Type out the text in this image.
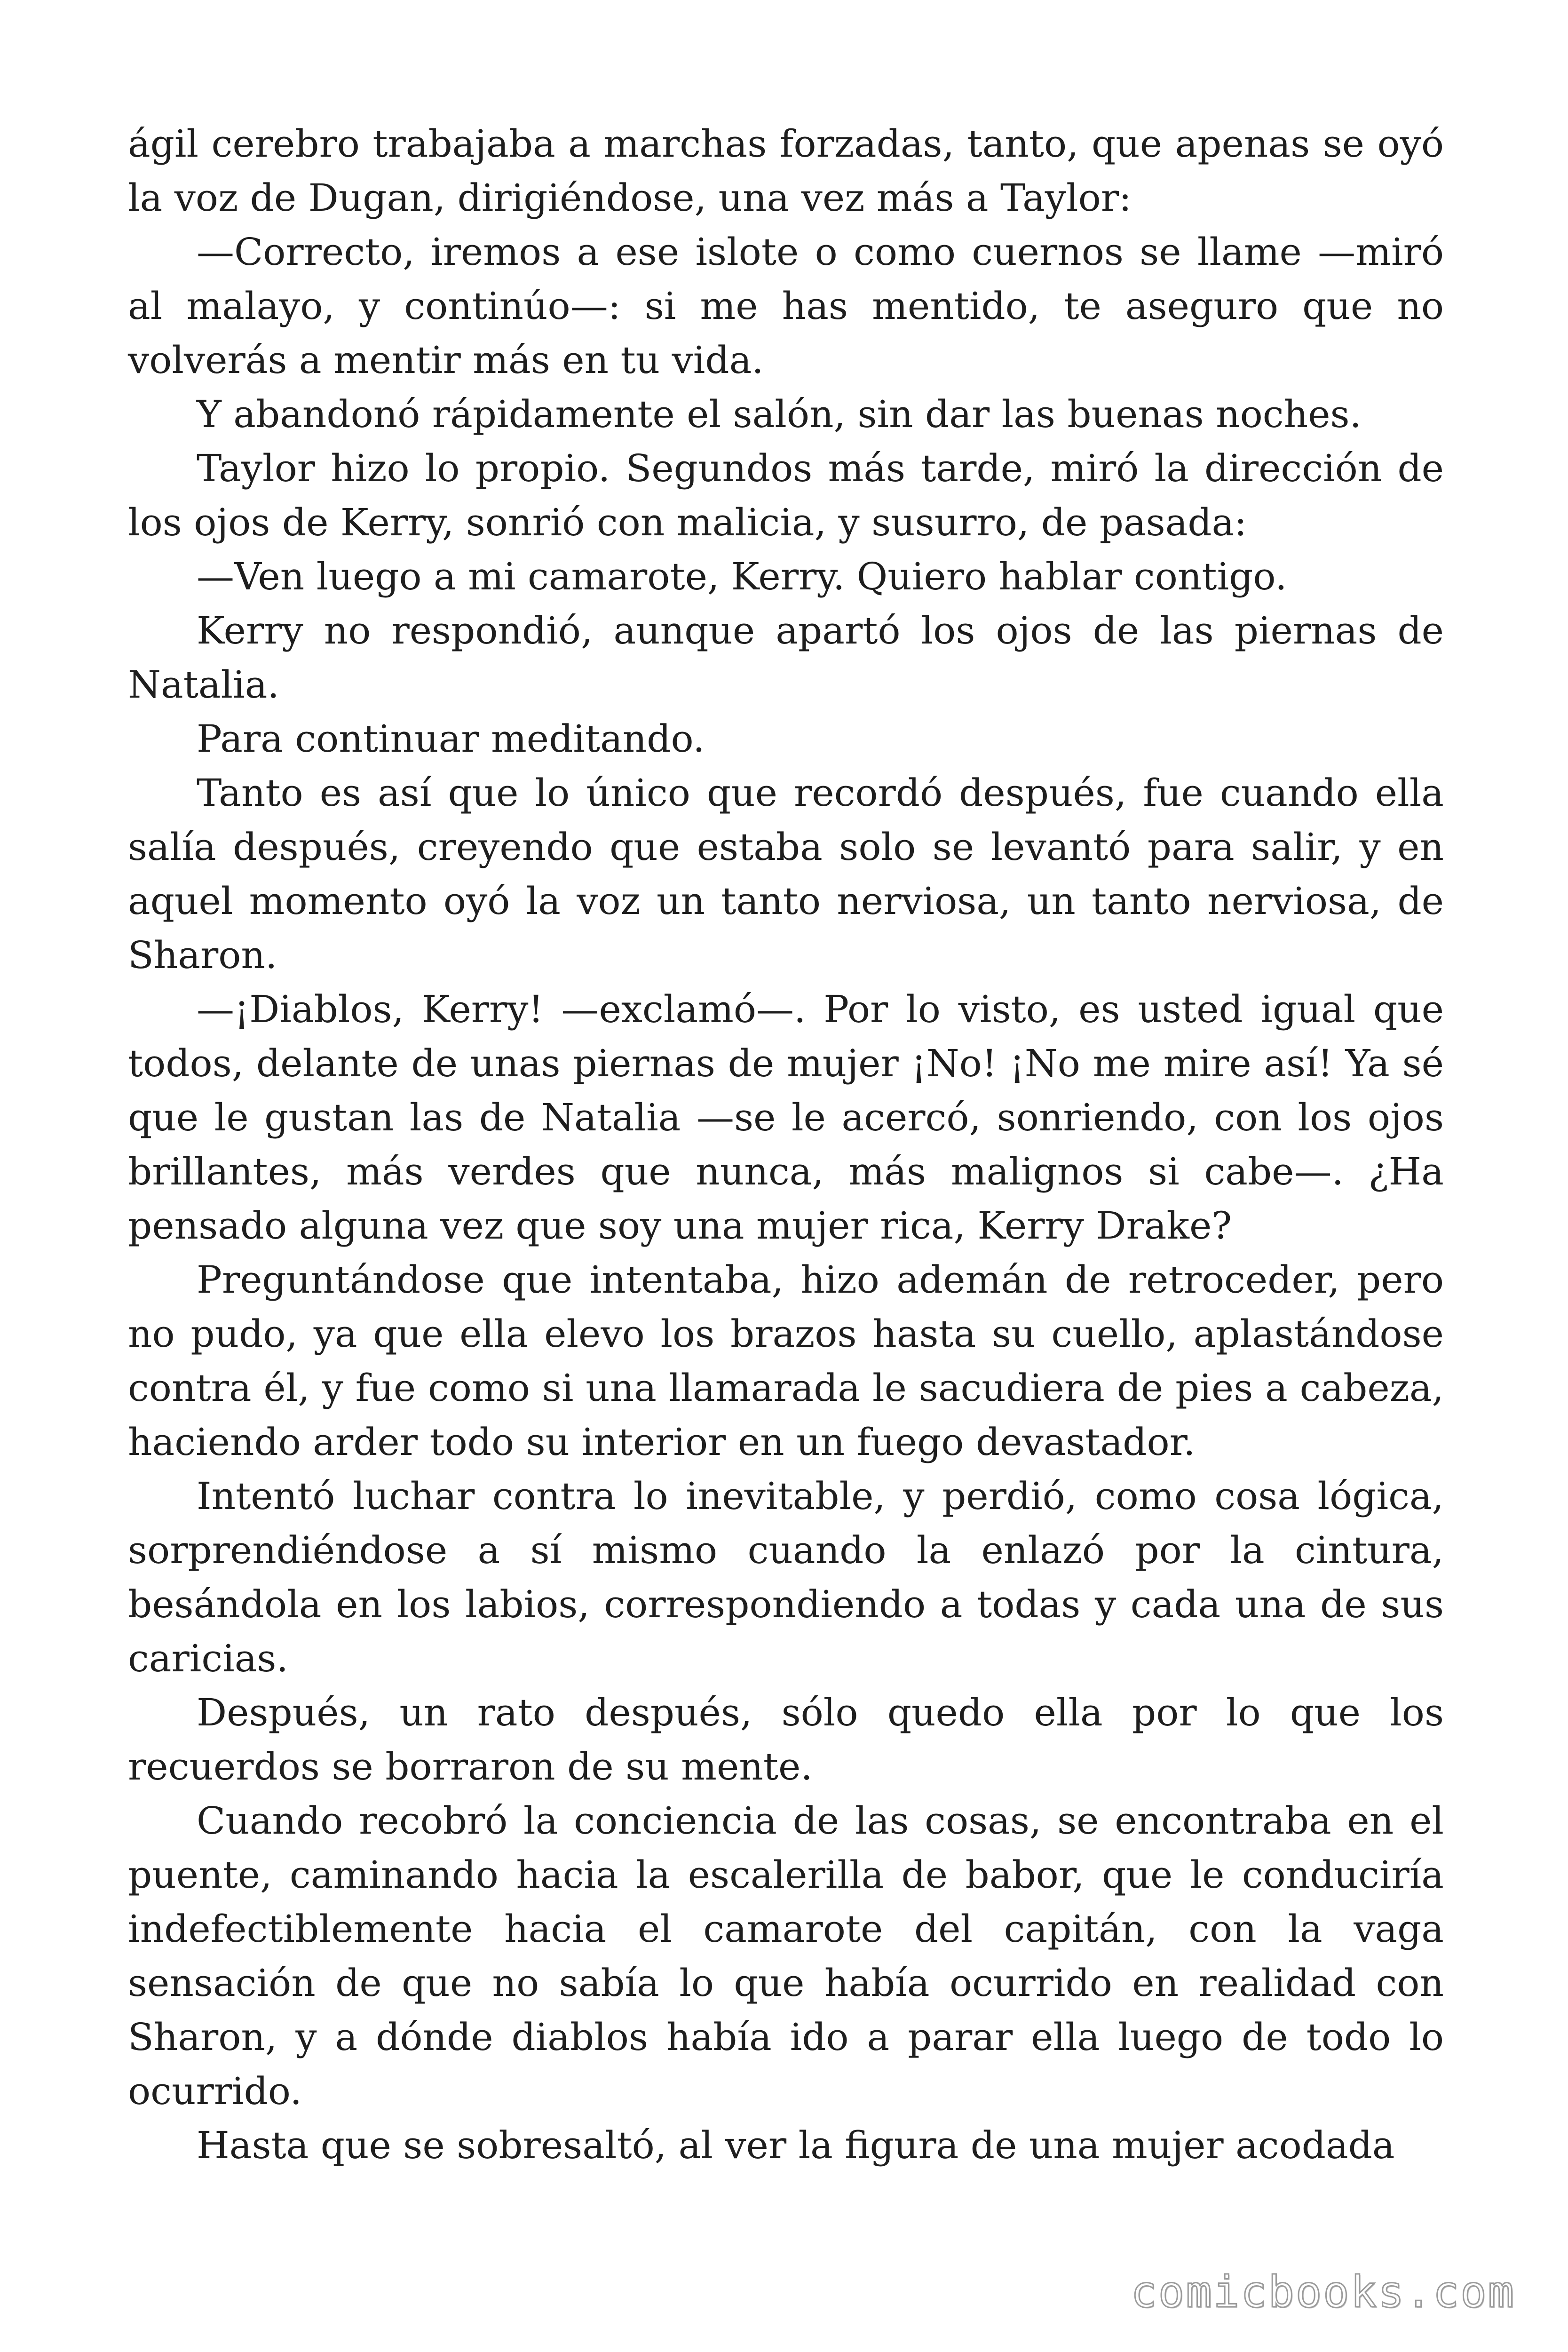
ágil cerebro trabajaba a marchas forzadas, tanto, que apenas se oyó la voz de Dugan, dirigiéndose, una vez más a Taylor:

—Correcto, iremos a ese islote o como cuernos se llame —miró al malayo, y continúo—: si me has mentido, te aseguro que no volverás a mentir más en tu vida.

Y abandonó rápidamente el salón, sin dar las buenas noches.

Taylor hizo lo propio. Segundos más tarde, miró la dirección de los ojos de Kerry, sonrió con malicia, y susurro, de pasada:

—Ven luego a mi camarote, Kerry. Quiero hablar contigo.

Kerry no respondió, aunque apartó los ojos de las piernas de Natalia.

Para continuar meditando.

Tanto es así que lo único que recordó después, fue cuando ella salía después, creyendo que estaba solo se levantó para salir, y en aquel momento oyó la voz un tanto nerviosa, un tanto nerviosa, de Sharon.

—¡Diablos, Kerry! —exclamó—. Por lo visto, es usted igual que todos, delante de unas piernas de mujer ¡No! ¡No me mire así! Ya sé que le gustan las de Natalia —se le acercó, sonriendo, con los ojos brillantes, más verdes que nunca, más malignos si cabe—. ¿Ha pensado alguna vez que soy una mujer rica, Kerry Drake?

Preguntándose que intentaba, hizo ademán de retroceder, pero no pudo, ya que ella elevo los brazos hasta su cuello, aplastándose contra él, y fue como si una llamarada le sacudiera de pies a cabeza, haciendo arder todo su interior en un fuego devastador.

Intentó luchar contra lo inevitable, y perdió, como cosa lógica, sorprendiéndose a sí mismo cuando la enlazó por la cintura, besándola en los labios, correspondiendo a todas y cada una de sus caricias.

Después, un rato después, sólo quedo ella por lo que los recuerdos se borraron de su mente.

Cuando recobró la conciencia de las cosas, se encontraba en el puente, caminando hacia la escalerilla de babor, que le conduciría indefectiblemente hacia el camarote del capitán, con la vaga sensación de que no sabía lo que había ocurrido en realidad con Sharon, y a dónde diablos había ido a parar ella luego de todo lo ocurrido.

Hasta que se sobresaltó, al ver la figura de una mujer acodada

comicbooks.com
